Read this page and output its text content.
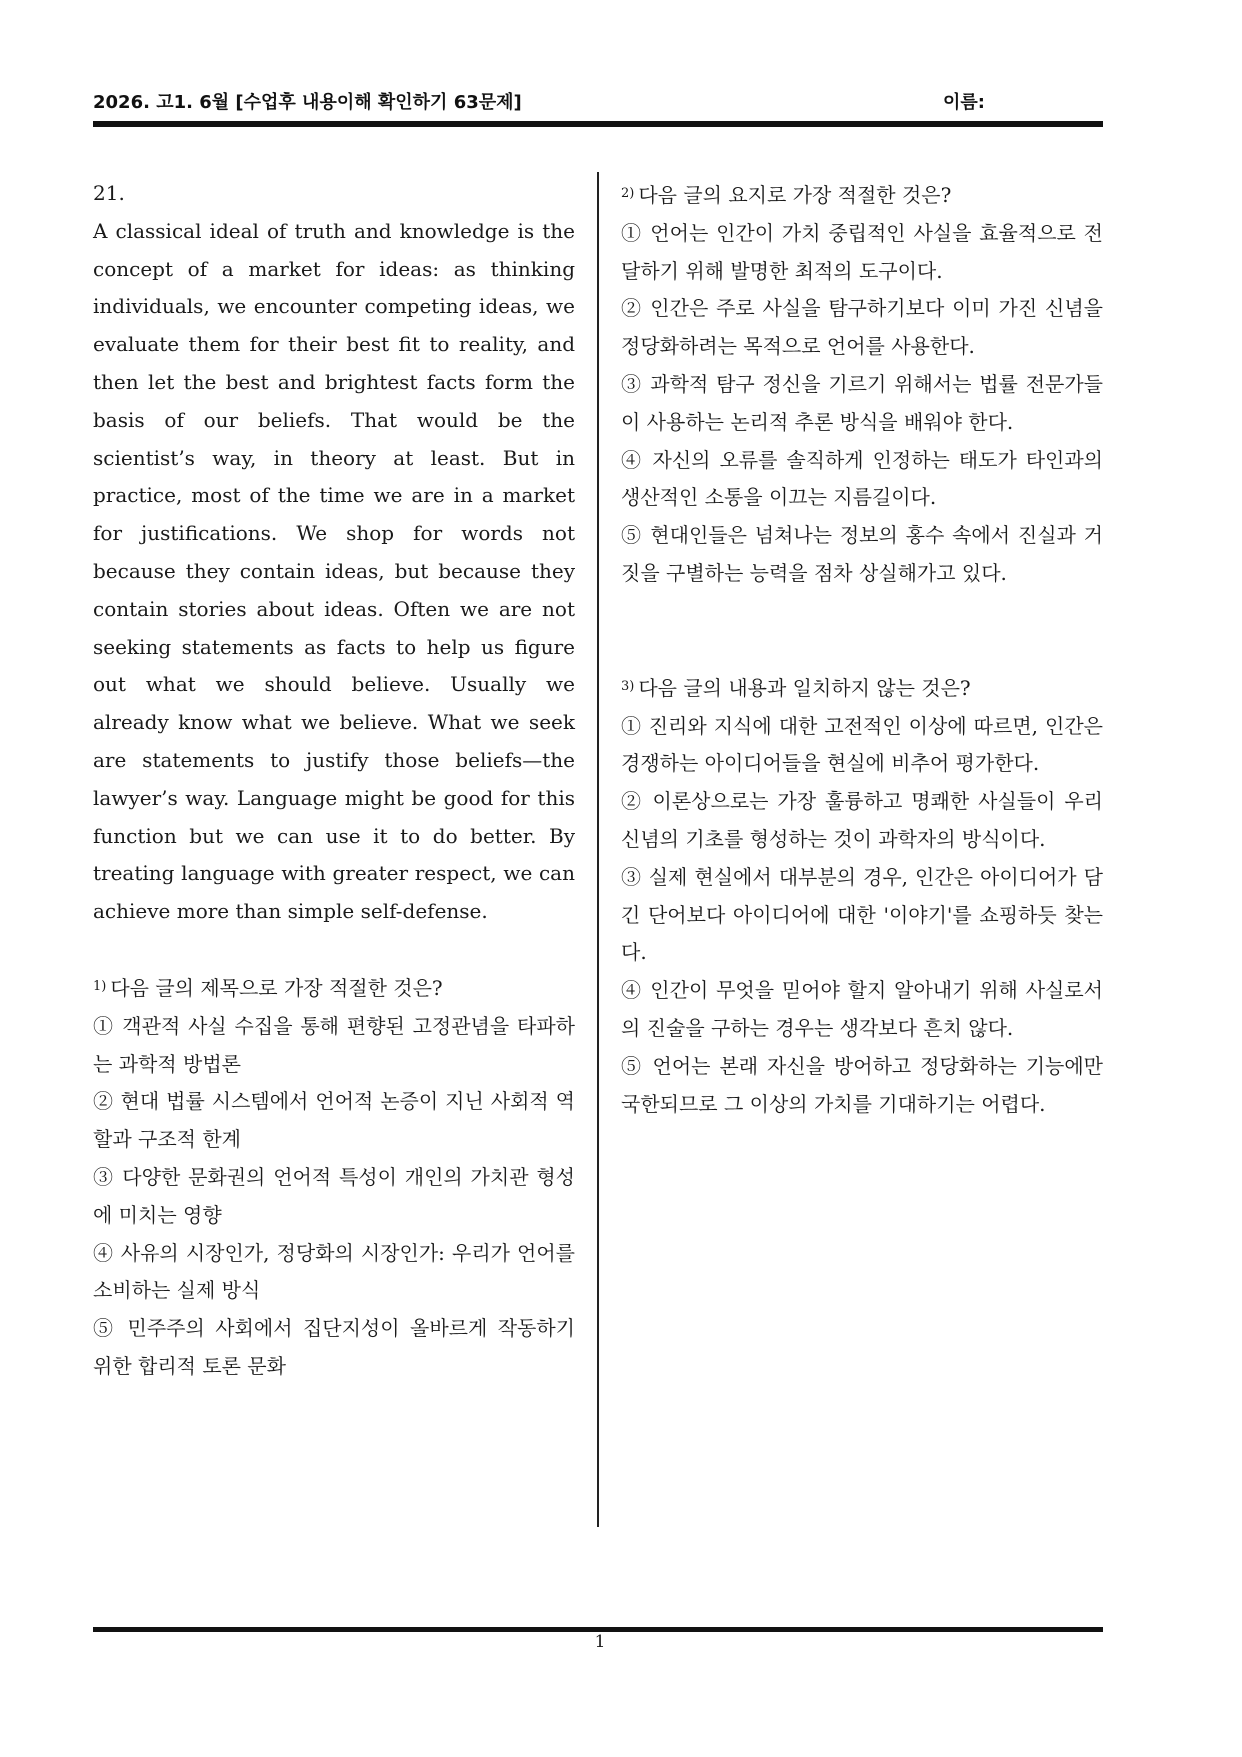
2026. 고1. 6월 [수업후 내용이해 확인하기 63문제]	이름:
21.

A classical ideal of truth and knowledge is the concept of a market for ideas: as thinking individuals, we encounter competing ideas, we evaluate them for their best fit to reality, and then let the best and brightest facts form the basis of our beliefs. That would be the scientist’s way, in theory at least. But in practice, most of the time we are in a market for justifications. We shop for words not because they contain ideas, but because they contain stories about ideas. Often we are not seeking statements as facts to help us figure out what we should believe. Usually we already know what we believe. What we seek are statements to justify those beliefs—the lawyer’s way. Language might be good for this function but we can use it to do better. By treating language with greater respect, we can achieve more than simple self-defense.

$^{1)}$ 다음 글의 제목으로 가장 적절한 것은?
① 객관적 사실 수집을 통해 편향된 고정관념을 타파하는 과학적 방법론
② 현대 법률 시스템에서 언어적 논증이 지닌 사회적 역할과 구조적 한계
③ 다양한 문화권의 언어적 특성이 개인의 가치관 형성에 미치는 영향
④ 사유의 시장인가, 정당화의 시장인가: 우리가 언어를 소비하는 실제 방식
⑤ 민주주의 사회에서 집단지성이 올바르게 작동하기 위한 합리적 토론 문화
$^{2)}$ 다음 글의 요지로 가장 적절한 것은?
① 언어는 인간이 가치 중립적인 사실을 효율적으로 전달하기 위해 발명한 최적의 도구이다.
② 인간은 주로 사실을 탐구하기보다 이미 가진 신념을 정당화하려는 목적으로 언어를 사용한다.
③ 과학적 탐구 정신을 기르기 위해서는 법률 전문가들이 사용하는 논리적 추론 방식을 배워야 한다.
④ 자신의 오류를 솔직하게 인정하는 태도가 타인과의 생산적인 소통을 이끄는 지름길이다.
⑤ 현대인들은 넘쳐나는 정보의 홍수 속에서 진실과 거짓을 구별하는 능력을 점차 상실해가고 있다.
$^{3)}$ 다음 글의 내용과 일치하지 않는 것은?
① 진리와 지식에 대한 고전적인 이상에 따르면, 인간은 경쟁하는 아이디어들을 현실에 비추어 평가한다.
② 이론상으로는 가장 훌륭하고 명쾌한 사실들이 우리 신념의 기초를 형성하는 것이 과학자의 방식이다.
③ 실제 현실에서 대부분의 경우, 인간은 아이디어가 담긴 단어보다 아이디어에 대한 '이야기'를 쇼핑하듯 찾는다.
④ 인간이 무엇을 믿어야 할지 알아내기 위해 사실로서의 진술을 구하는 경우는 생각보다 흔치 않다.
⑤ 언어는 본래 자신을 방어하고 정당화하는 기능에만 국한되므로 그 이상의 가치를 기대하기는 어렵다.
1
